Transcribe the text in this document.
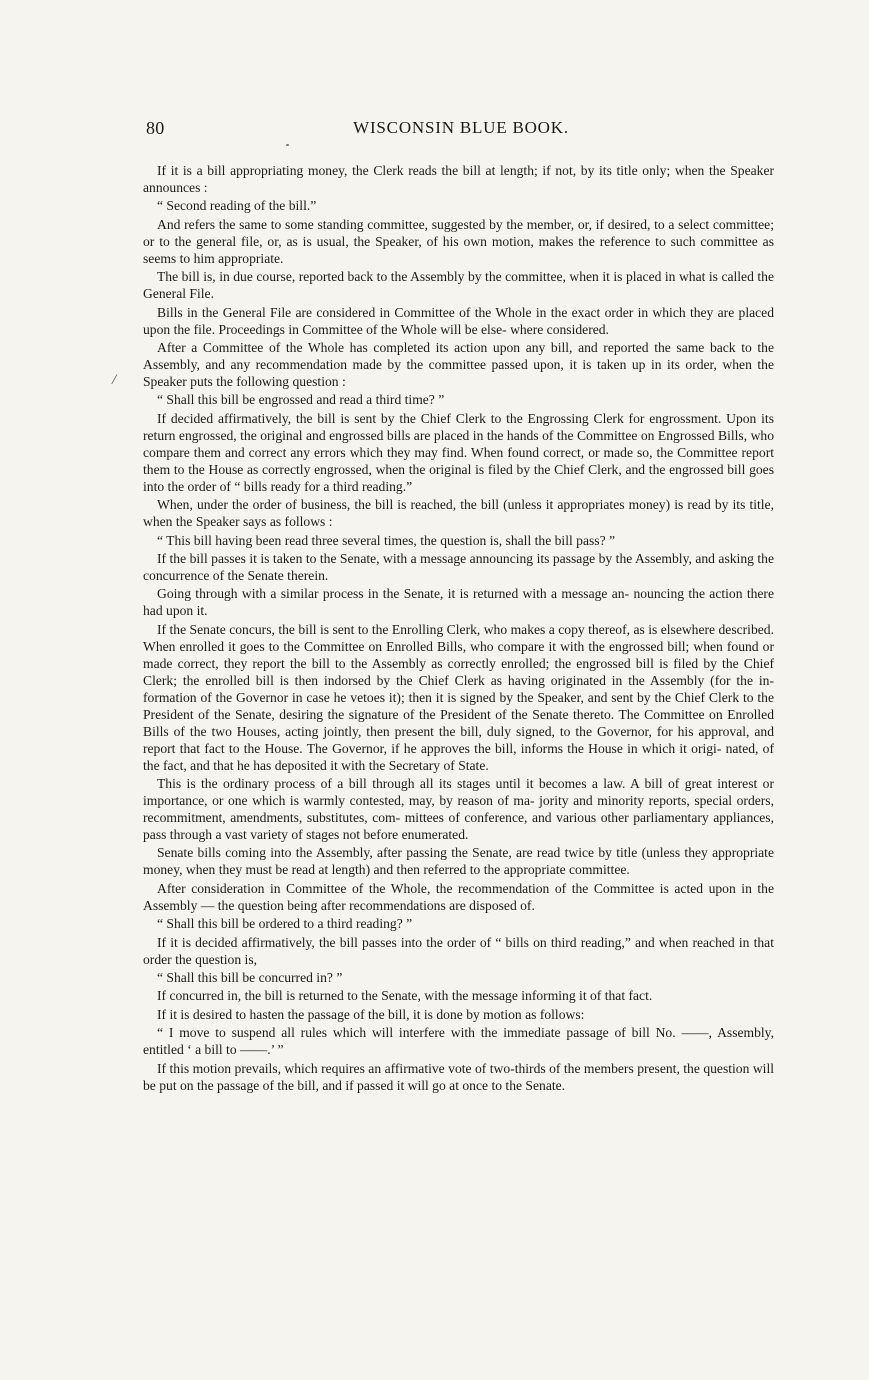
80	WISCONSIN BLUE BOOK.
/

If it is a bill appropriating money, the Clerk reads the bill at length; if not, by its title only; when the Speaker announces :

“ Second reading of the bill.”

And refers the same to some standing committee, suggested by the member, or, if desired, to a select committee; or to the general file, or, as is usual, the Speaker, of his own motion, makes the reference to such committee as seems to him appropriate.

The bill is, in due course, reported back to the Assembly by the committee, when it is placed in what is called the General File.

Bills in the General File are considered in Committee of the Whole in the exact order in which they are placed upon the file. Proceedings in Committee of the Whole will be else- where considered.

After a Committee of the Whole has completed its action upon any bill, and reported the same back to the Assembly, and any recommendation made by the committee passed upon, it is taken up in its order, when the Speaker puts the following question :

“ Shall this bill be engrossed and read a third time? ”

If decided affirmatively, the bill is sent by the Chief Clerk to the Engrossing Clerk for engrossment. Upon its return engrossed, the original and engrossed bills are placed in the hands of the Committee on Engrossed Bills, who compare them and correct any errors which they may find. When found correct, or made so, the Committee report them to the House as correctly engrossed, when the original is filed by the Chief Clerk, and the engrossed bill goes into the order of “ bills ready for a third reading.”

When, under the order of business, the bill is reached, the bill (unless it appropriates money) is read by its title, when the Speaker says as follows :

“ This bill having been read three several times, the question is, shall the bill pass? ”

If the bill passes it is taken to the Senate, with a message announcing its passage by the Assembly, and asking the concurrence of the Senate therein.

Going through with a similar process in the Senate, it is returned with a message an- nouncing the action there had upon it.

If the Senate concurs, the bill is sent to the Enrolling Clerk, who makes a copy thereof, as is elsewhere described. When enrolled it goes to the Committee on Enrolled Bills, who compare it with the engrossed bill; when found or made correct, they report the bill to the Assembly as correctly enrolled; the engrossed bill is filed by the Chief Clerk; the enrolled bill is then indorsed by the Chief Clerk as having originated in the Assembly (for the in- formation of the Governor in case he vetoes it); then it is signed by the Speaker, and sent by the Chief Clerk to the President of the Senate, desiring the signature of the President of the Senate thereto. The Committee on Enrolled Bills of the two Houses, acting jointly, then present the bill, duly signed, to the Governor, for his approval, and report that fact to the House. The Governor, if he approves the bill, informs the House in which it origi- nated, of the fact, and that he has deposited it with the Secretary of State.

This is the ordinary process of a bill through all its stages until it becomes a law. A bill of great interest or importance, or one which is warmly contested, may, by reason of ma- jority and minority reports, special orders, recommitment, amendments, substitutes, com- mittees of conference, and various other parliamentary appliances, pass through a vast variety of stages not before enumerated.

Senate bills coming into the Assembly, after passing the Senate, are read twice by title (unless they appropriate money, when they must be read at length) and then referred to the appropriate committee.

After consideration in Committee of the Whole, the recommendation of the Committee is acted upon in the Assembly — the question being after recommendations are disposed of.

“ Shall this bill be ordered to a third reading? ”

If it is decided affirmatively, the bill passes into the order of “ bills on third reading,” and when reached in that order the question is,

“ Shall this bill be concurred in? ”

If concurred in, the bill is returned to the Senate, with the message informing it of that fact.

If it is desired to hasten the passage of the bill, it is done by motion as follows:

“ I move to suspend all rules which will interfere with the immediate passage of bill No. ——, Assembly, entitled ‘ a bill to ——.’ ”

If this motion prevails, which requires an affirmative vote of two-thirds of the members present, the question will be put on the passage of the bill, and if passed it will go at once to the Senate.
